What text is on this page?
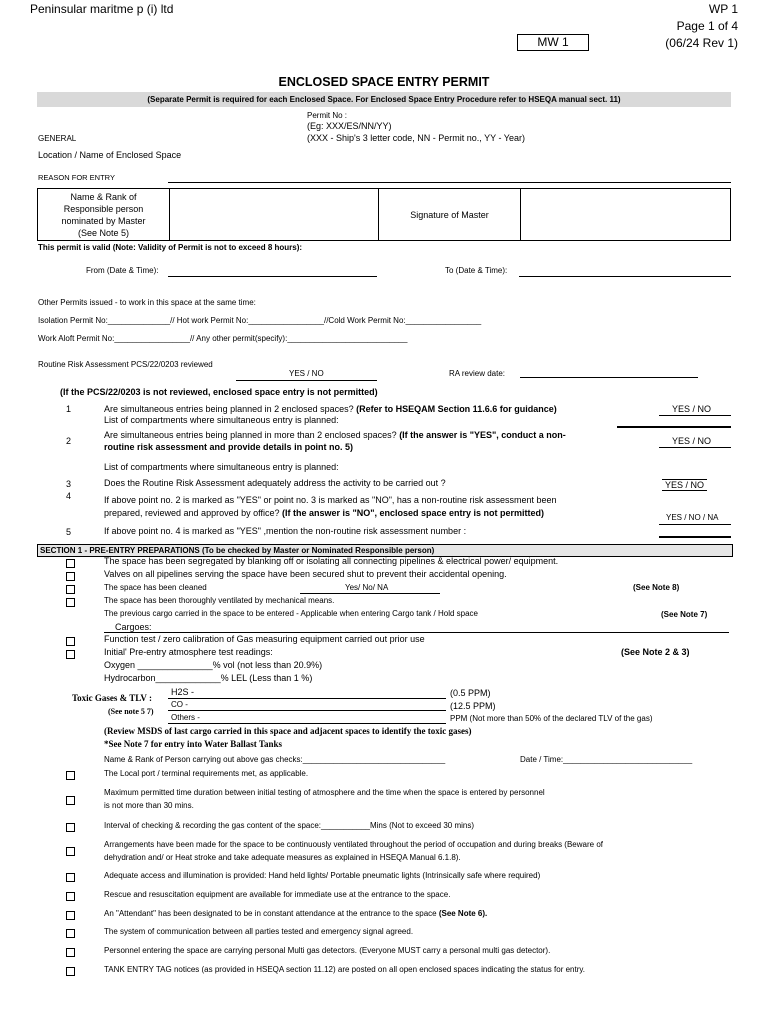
Peninsular maritme p (i) ltd	WP 1
Page 1 of 4
(06/24 Rev 1)
MW 1
ENCLOSED SPACE ENTRY PERMIT
(Separate Permit is required for each Enclosed Space. For Enclosed Space Entry Procedure refer to HSEQA manual sect. 11)
Permit No :
(Eg: XXX/ES/NN/YY)
(XXX - Ship's 3 letter code, NN - Permit no., YY - Year)
GENERAL
Location / Name of Enclosed Space
REASON FOR ENTRY
Name & Rank of
Responsible person
nominated by Master
(See Note 5)
		Signature of Master	
This permit is valid (Note: Validity of Permit is not to exceed 8 hours):
From (Date & Time):	To (Date & Time):
Other Permits issued - to work in this space at the same time:
Isolation Permit No:______________// Hot work Permit No:_________________//Cold Work Permit No:_________________
Work Aloft Permit No:_________________// Any other permit(specify):___________________________
Routine Risk Assessment PCS/22/0203 reviewed
YES / NO	RA review date:
(If the PCS/22/0203 is not reviewed, enclosed space entry is not permitted)
1	Are simultaneous entries being planned in 2 enclosed spaces? (Refer to HSEQAM Section 11.6.6 for guidance)
List of compartments where simultaneous entry is planned:
YES / NO
2
Are simultaneous entries being planned in more than 2 enclosed spaces? (If the answer is "YES", conduct a non-
routine risk assessment and provide details in point no. 5)
List of compartments where simultaneous entry is planned:
YES / NO
3	Does the Routine Risk Assessment adequately address the activity to be carried out ?	YES / NO
4	If above point no. 2 is marked as "YES" or point no. 3 is marked as "NO", has a non-routine risk assessment been
prepared, reviewed and approved by office? (If the answer is "NO", enclosed space entry is not permitted)	YES / NO / NA
5	If above point no. 4 is marked as "YES" ,mention the non-routine risk assessment number :
SECTION 1 - PRE-ENTRY PREPARATIONS (To be checked by Master or Nominated Responsible person)
The space has been segregated by blanking off or isolating all connecting pipelines & electrical power/ equipment.
Valves on all pipelines serving the space have been secured shut to prevent their accidental opening.
The space has been cleaned	Yes/ No/ NA	(See Note 8)
The space has been thoroughly ventilated by mechanical means.
The previous cargo carried in the space to be entered - Applicable when entering Cargo tank / Hold space	(See Note 7)
Cargoes:
Function test / zero calibration of Gas measuring equipment carried out prior use
Initial' Pre-entry atmosphere test readings:	(See Note 2 & 3)
Oxygen _______________% vol (not less than 20.9%)
Hydrocarbon_____________% LEL (Less than 1 %)
Toxic Gases & TLV :
(See note 5 7)
H2S -	(0.5 PPM)
CO -	(12.5 PPM)
Others -	PPM (Not more than 50% of the declared TLV of the gas)
(Review MSDS of last cargo carried in this space and adjacent spaces to identify the toxic gases)
*See Note 7 for entry into Water Ballast Tanks
Name & Rank of Person carrying out above gas checks:________________________________	Date / Time:_____________________________
The Local port / terminal requirements met, as applicable.
Maximum permitted time duration between initial testing of atmosphere and the time when the space is entered by personnel
is not more than 30 mins.
Interval of checking & recording the gas content of the space:___________Mins (Not to exceed 30 mins)
Arrangements have been made for the space to be continuously ventilated throughout the period of occupation and during breaks (Beware of
dehydration and/ or Heat stroke and take adequate measures as explained in HSEQA Manual 6.1.8).
Adequate access and illumination is provided: Hand held lights/ Portable pneumatic lights (Intrinsically safe where required)
Rescue and resuscitation equipment are available for immediate use at the entrance to the space.
An "Attendant" has been designated to be in constant attendance at the entrance to the space (See Note 6).
The system of communication between all parties tested and emergency signal agreed.
Personnel entering the space are carrying personal Multi gas detectors. (Everyone MUST carry a personal multi gas detector).
TANK ENTRY TAG notices (as provided in HSEQA section 11.12) are posted on all open enclosed spaces indicating the status for entry.
